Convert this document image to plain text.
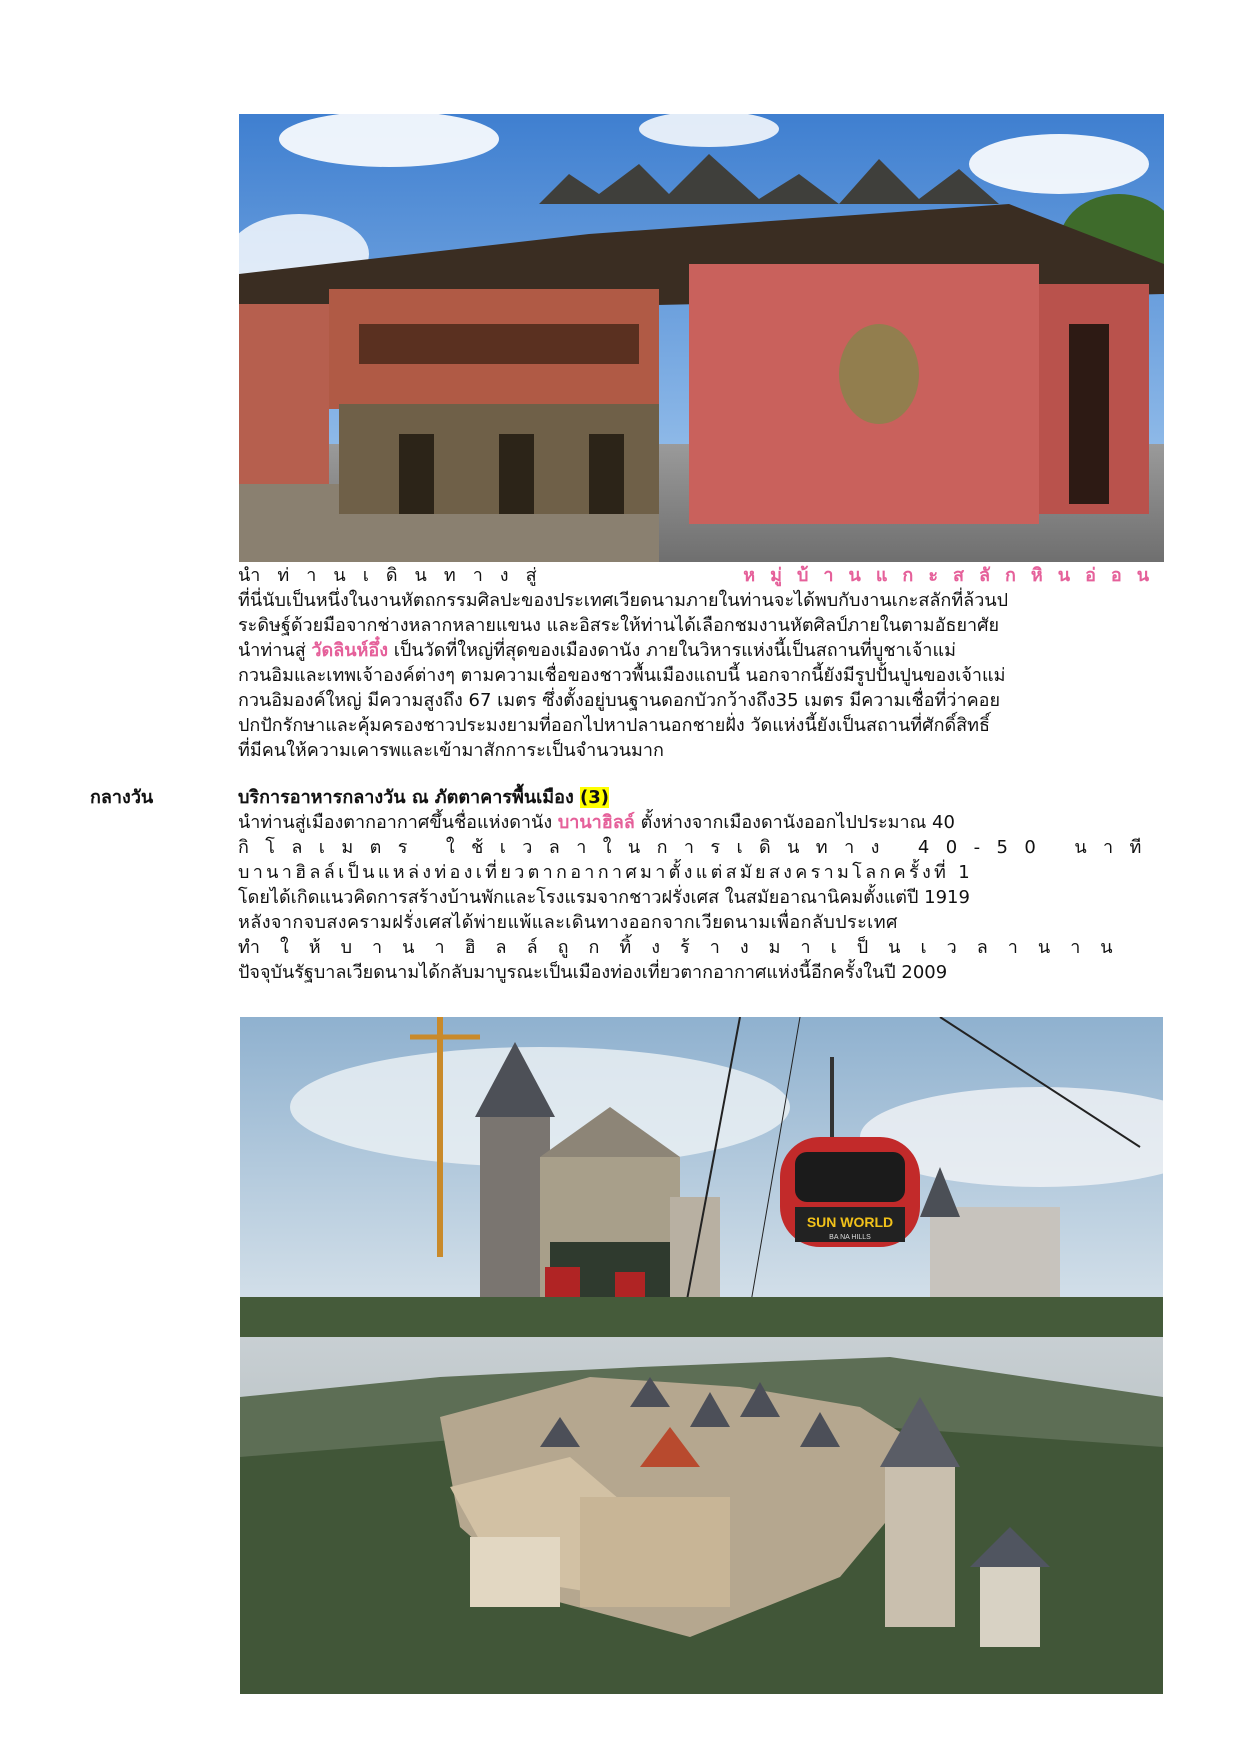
นำท่านเดินทางสู่	หมู่บ้านแกะสลักหินอ่อน
ที่นี่นับเป็นหนึ่งในงานหัตถกรรมศิลปะของประเทศเวียดนามภายในท่านจะได้พบกับงานเกะสลักที่ล้วนป
ระดิษฐ์ด้วยมือจากช่างหลากหลายแขนง และอิสระให้ท่านได้เลือกชมงานหัตศิลป์ภายในตามอัธยาศัย
นำท่านสู่ วัดลินห์อึ๋ง เป็นวัดที่ใหญ่ที่สุดของเมืองดานัง ภายในวิหารแห่งนี้เป็นสถานที่บูชาเจ้าแม่
กวนอิมและเทพเจ้าองค์ต่างๆ ตามความเชื่อของชาวพื้นเมืองแถบนี้ นอกจากนี้ยังมีรูปปั้นปูนของเจ้าแม่
กวนอิมองค์ใหญ่ มีความสูงถึง 67 เมตร ซึ่งตั้งอยู่บนฐานดอกบัวกว้างถึง35 เมตร มีความเชื่อที่ว่าคอย
ปกปักรักษาและคุ้มครองชาวประมงยามที่ออกไปหาปลานอกชายฝั่ง วัดแห่งนี้ยังเป็นสถานที่ศักดิ์สิทธิ์
ที่มีคนให้ความเคารพและเข้ามาสักการะเป็นจำนวนมาก
กลางวัน	บริการอาหารกลางวัน ณ ภัตตาคารพื้นเมือง (3)
นำท่านสู่เมืองตากอากาศขึ้นชื่อแห่งดานัง บานาฮิลล์ ตั้งห่างจากเมืองดานังออกไปประมาณ 40
กิโลเมตร ใช้เวลาในการเดินทาง 40-50 นาที
บานาฮิลล์เป็นแหล่งท่องเที่ยวตากอากาศมาตั้งแต่สมัยสงครามโลกครั้งที่ 1
โดยได้เกิดแนวคิดการสร้างบ้านพักและโรงแรมจากชาวฝรั่งเศส ในสมัยอาณานิคมตั้งแต่ปี 1919
หลังจากจบสงครามฝรั่งเศสได้พ่ายแพ้และเดินทางออกจากเวียดนามเพื่อกลับประเทศ
ทำให้บานาฮิลล์ถูกทิ้งร้างมาเป็นเวลานาน
ปัจจุบันรัฐบาลเวียดนามได้กลับมาบูรณะเป็นเมืองท่องเที่ยวตากอากาศแห่งนี้อีกครั้งในปี 2009
SUN WORLD
BA NA HILLS
